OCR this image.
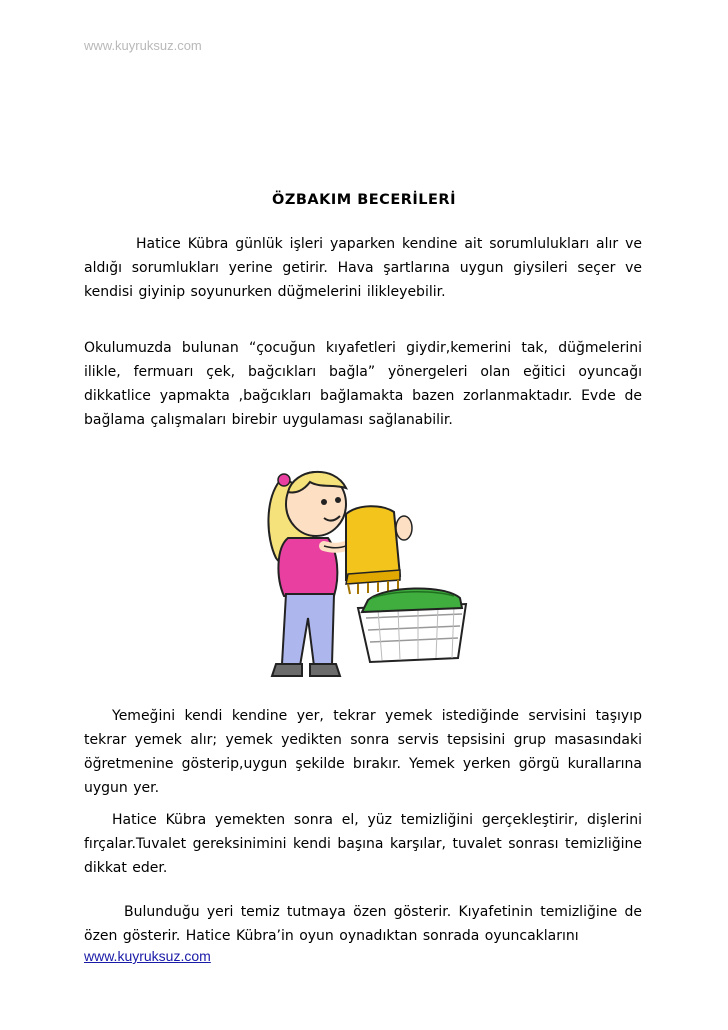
www.kuyruksuz.com
ÖZBAKIM BECERİLERİ
Hatice Kübra günlük işleri yaparken kendine ait sorumlulukları alır ve aldığı sorumlukları yerine getirir. Hava şartlarına uygun giysileri seçer ve kendisi giyinip soyunurken düğmelerini ilikleyebilir.
Okulumuzda bulunan “çocuğun kıyafetleri giydir,kemerini tak, düğmelerini ilikle, fermuarı çek, bağcıkları bağla” yönergeleri olan eğitici oyuncağı dikkatlice yapmakta ,bağcıkları bağlamakta bazen zorlanmaktadır. Evde de bağlama çalışmaları birebir uygulaması sağlanabilir.
Yemeğini kendi kendine yer, tekrar yemek istediğinde servisini taşıyıp tekrar yemek alır; yemek yedikten sonra servis tepsisini grup masasındaki öğretmenine gösterip,uygun şekilde bırakır. Yemek yerken görgü kurallarına uygun yer.
Hatice Kübra yemekten sonra el, yüz temizliğini gerçekleştirir, dişlerini fırçalar.Tuvalet gereksinimini kendi başına karşılar, tuvalet sonrası temizliğine dikkat eder.
Bulunduğu yeri temiz tutmaya özen gösterir. Kıyafetinin temizliğine de özen gösterir. Hatice Kübra’in oyun oynadıktan sonrada oyuncaklarını
www.kuyruksuz.com
